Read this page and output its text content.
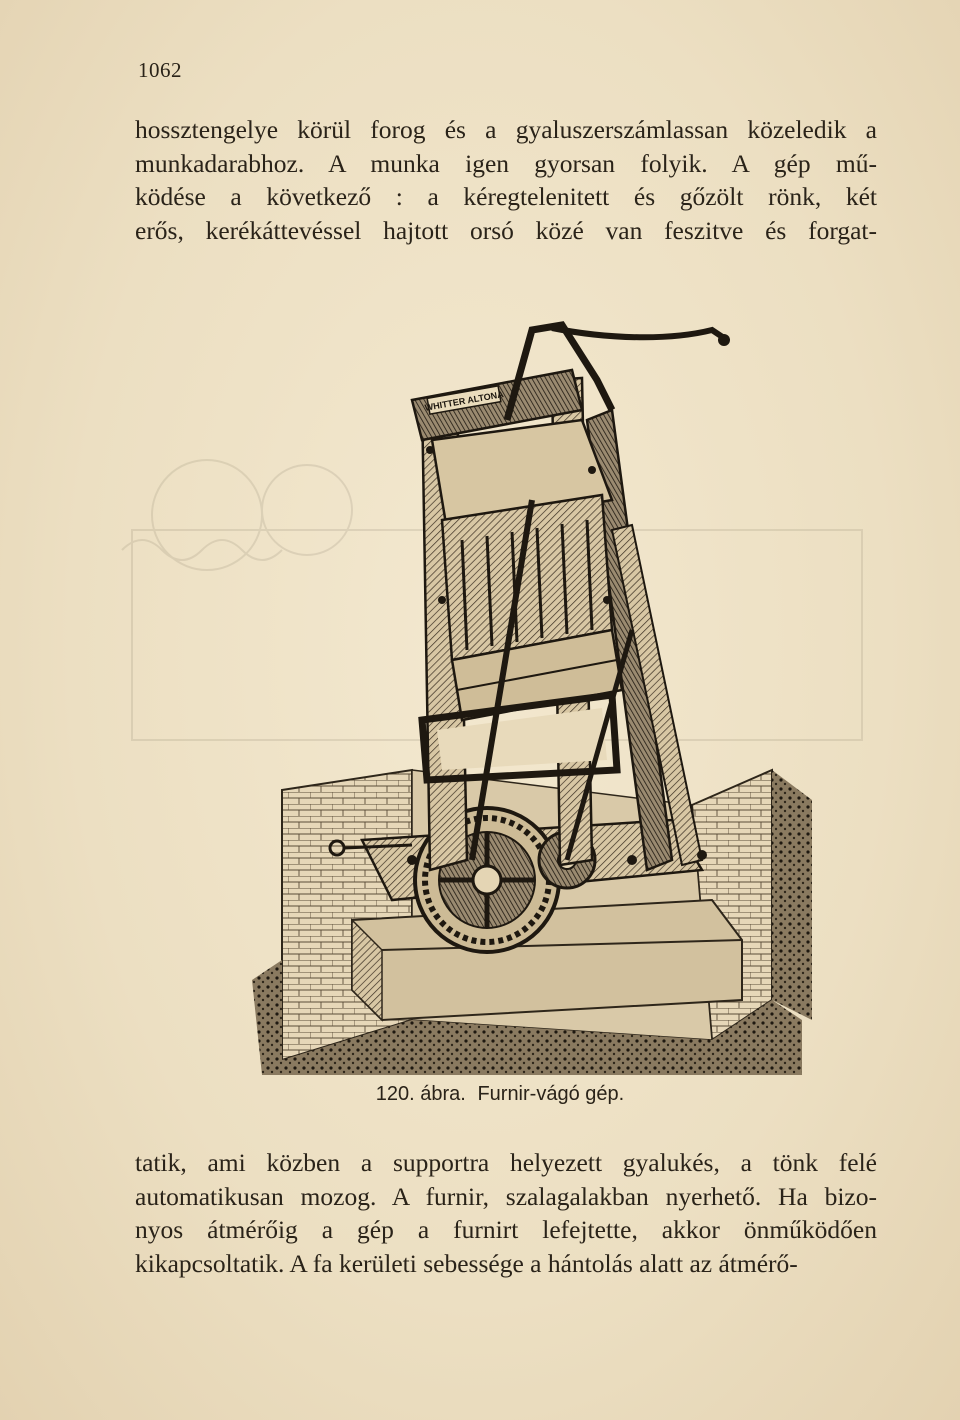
1062
hossztengelye körül forog és a gyaluszerszámlassan közeledik a
munkadarabhoz. A munka igen gyorsan folyik. A gép mű-
ködése a következő : a kéregtelenitett és gőzölt rönk, két
erős, kerékáttevéssel hajtott orsó közé van feszitve és forgat-
WHITTER ALTONA
120. ábra. Furnir-vágó gép.
tatik, ami közben a supportra helyezett gyalukés, a tönk felé
automatikusan mozog. A furnir, szalagalakban nyerhető. Ha bizo-
nyos átmérőig a gép a furnirt lefejtette, akkor önműködően
kikapcsoltatik. A fa kerületi sebessége a hántolás alatt az átmérő-
